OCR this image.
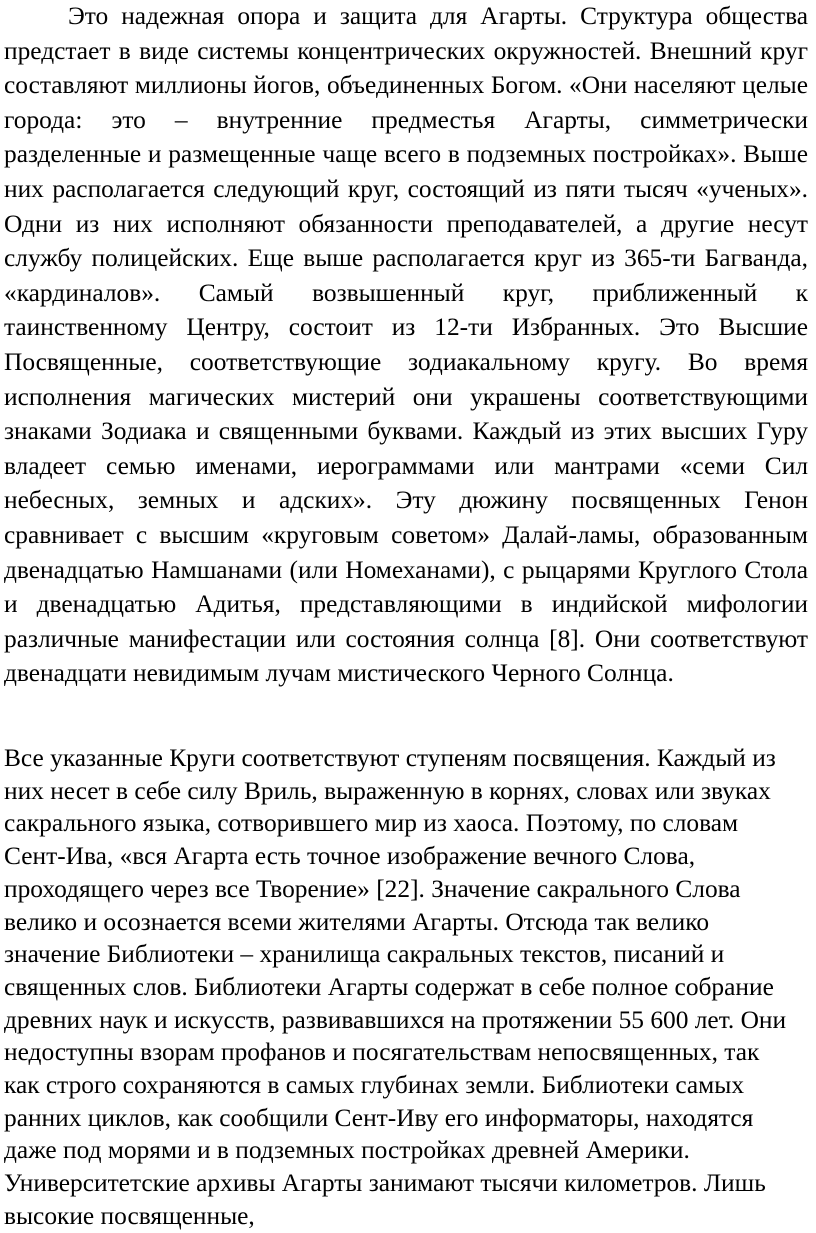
Это надежная опора и защита для Агарты. Структура общества предстает в виде системы концентрических окружностей. Внешний круг составляют миллионы йогов, объединенных Богом. «Они населяют целые города: это – внутренние предместья Агарты, симметрически разделенные и размещенные чаще всего в подземных постройках». Выше них располагается следующий круг, состоящий из пяти тысяч «ученых». Одни из них исполняют обязанности преподавателей, а другие несут службу полицейских. Еще выше располагается круг из 365-ти Багванда, «кардиналов». Самый возвышенный круг, приближенный к таинственному Центру, состоит из 12-ти Избранных. Это Высшие Посвященные, соответствующие зодиакальному кругу. Во время исполнения магических мистерий они украшены соответствующими знаками Зодиака и священными буквами. Каждый из этих высших Гуру владеет семью именами, иерограммами или мантрами «семи Сил небесных, земных и адских». Эту дюжину посвященных Генон сравнивает с высшим «круговым советом» Далай-ламы, образованным двенадцатью Намшанами (или Номеханами), с рыцарями Круглого Стола и двенадцатью Адитья, представляющими в индийской мифологии различные манифестации или состояния солнца [8]. Они соответствуют двенадцати невидимым лучам мистического Черного Солнца.

Все указанные Круги соответствуют ступеням посвящения. Каждый из них несет в себе силу Вриль, выраженную в корнях, словах или звуках сакрального языка, сотворившего мир из хаоса. Поэтому, по словам Сент-Ива, «вся Агарта есть точное изображение вечного Слова, проходящего через все Творение» [22]. Значение сакрального Слова велико и осознается всеми жителями Агарты. Отсюда так велико значение Библиотеки – хранилища сакральных текстов, писаний и священных слов. Библиотеки Агарты содержат в себе полное собрание древних наук и искусств, развивавшихся на протяжении 55 600 лет. Они недоступны взорам профанов и посягательствам непосвященных, так как строго сохраняются в самых глубинах земли. Библиотеки самых ранних циклов, как сообщили Сент-Иву его информаторы, находятся даже под морями и в подземных постройках древней Америки. Университетские архивы Агарты занимают тысячи километров. Лишь высокие посвященные,
